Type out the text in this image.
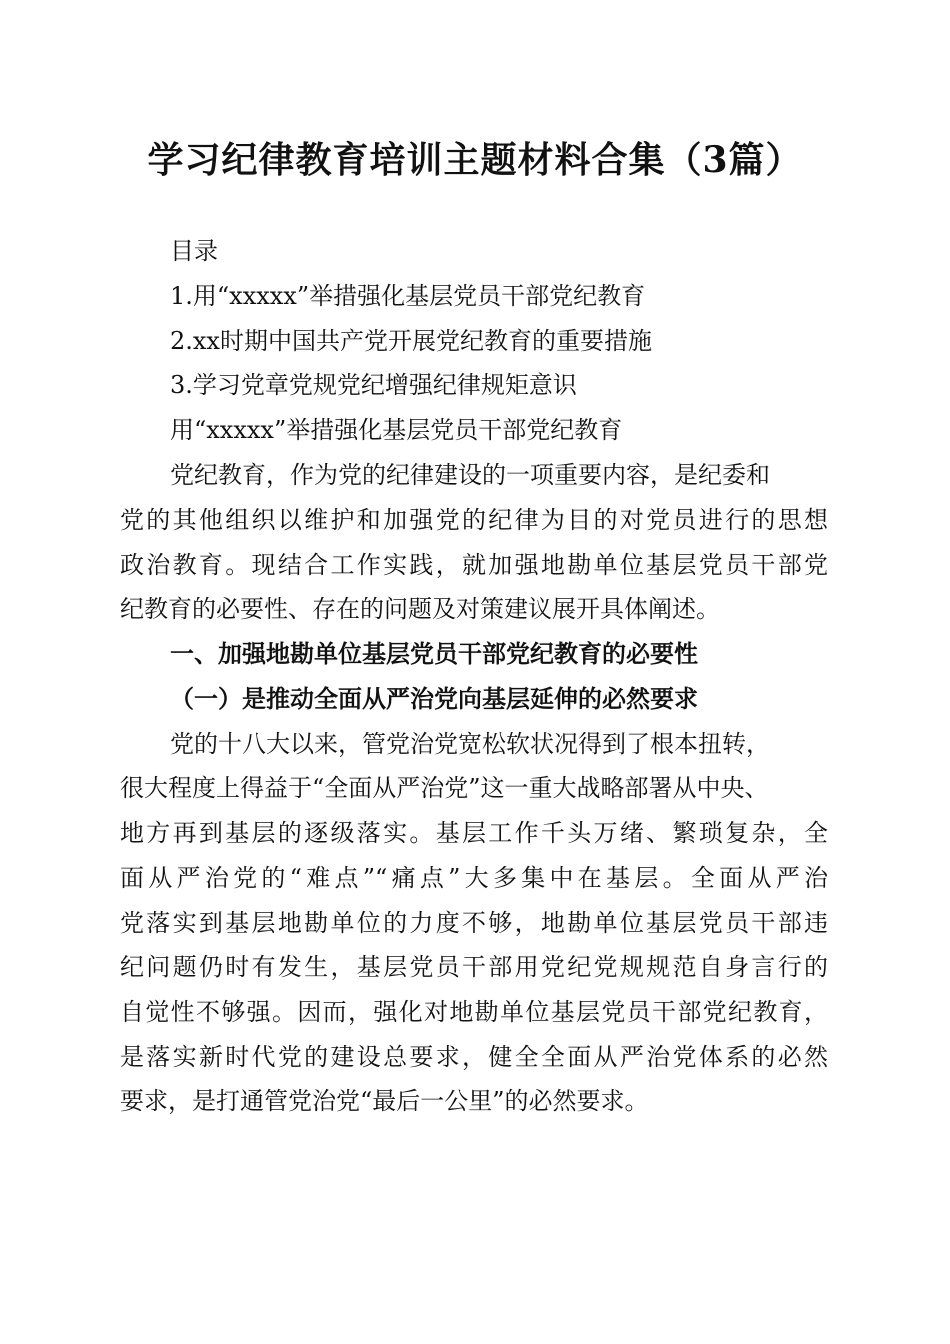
学习纪律教育培训主题材料合集（3篇）

目录

1.用“xxxxx”举措强化基层党员干部党纪教育

2.xx时期中国共产党开展党纪教育的重要措施

3.学习党章党规党纪增强纪律规矩意识

用“xxxxx”举措强化基层党员干部党纪教育

党纪教育，作为党的纪律建设的一项重要内容，是纪委和

党的其他组织以维护和加强党的纪律为目的对党员进行的思想

政治教育。现结合工作实践，就加强地勘单位基层党员干部党

纪教育的必要性、存在的问题及对策建议展开具体阐述。

一、加强地勘单位基层党员干部党纪教育的必要性

（一）是推动全面从严治党向基层延伸的必然要求

党的十八大以来，管党治党宽松软状况得到了根本扭转，

很大程度上得益于“全面从严治党”这一重大战略部署从中央、

地方再到基层的逐级落实。基层工作千头万绪、繁琐复杂，全

面从严治党的“难点”“痛点”大多集中在基层。全面从严治

党落实到基层地勘单位的力度不够，地勘单位基层党员干部违

纪问题仍时有发生，基层党员干部用党纪党规规范自身言行的

自觉性不够强。因而，强化对地勘单位基层党员干部党纪教育，

是落实新时代党的建设总要求，健全全面从严治党体系的必然

要求，是打通管党治党“最后一公里”的必然要求。
